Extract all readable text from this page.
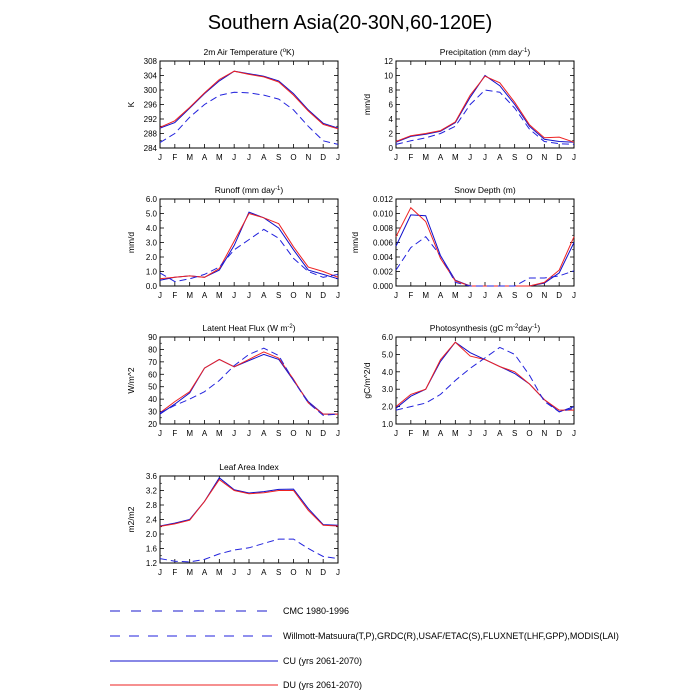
Southern Asia(20-30N,60-120E)
2m Air Temperature ($^o$K)
284
288
292
296
300
304
308
J F M A M J J A S O N D J
K
Precipitation (mm day$^{-1}$)
0
2
4
6
8
10
12
J F M A M J J A S O N D J
mm/d
Runoff (mm day$^{-1}$)
0.0
1.0
2.0
3.0
4.0
5.0
6.0
J F M A M J J A S O N D J
mm/d
Snow Depth (m)
0.000
0.002
0.004
0.006
0.008
0.010
0.012
J F M A M J J A S O N D J
mm/d
Latent Heat Flux (W $m^{-2}$)
20
30
40
50
60
70
80
90
J F M A M J J A S O N D J
W/m^2
Photosynthesis (gC $m^{-2}day^{-1}$)
1.0
2.0
3.0
4.0
5.0
6.0
J F M A M J J A S O N D J
gC/m^2/d
Leaf Area Index
1.2
1.6
2.0
2.4
2.8
3.2
3.6
J F M A M J J A S O N D J
m2/m2
CMC 1980-1996
Willmott-Matsuura(T,P),GRDC(R),USAF/ETAC(S),FLUXNET(LHF,GPP),MODIS(LAI)
CU (yrs 2061-2070)
DU (yrs 2061-2070)
